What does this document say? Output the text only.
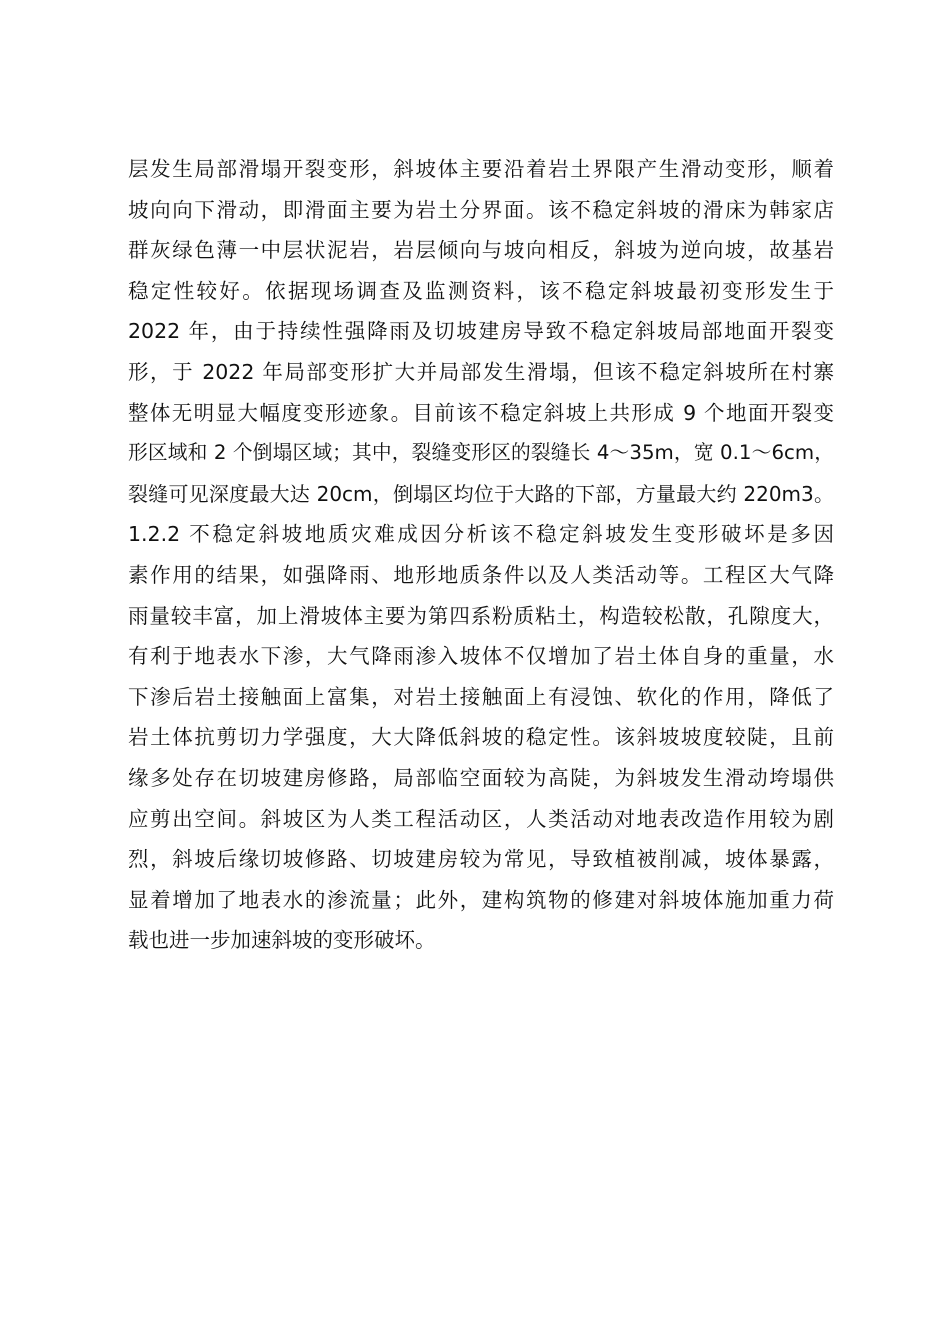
层发生局部滑塌开裂变形，斜坡体主要沿着岩土界限产生滑动变形，顺着
坡向向下滑动，即滑面主要为岩土分界面。该不稳定斜坡的滑床为韩家店
群灰绿色薄一中层状泥岩，岩层倾向与坡向相反，斜坡为逆向坡，故基岩
稳定性较好。依据现场调查及监测资料，该不稳定斜坡最初变形发生于
2022 年，由于持续性强降雨及切坡建房导致不稳定斜坡局部地面开裂变
形，于 2022 年局部变形扩大并局部发生滑塌，但该不稳定斜坡所在村寨
整体无明显大幅度变形迹象。目前该不稳定斜坡上共形成 9 个地面开裂变
形区域和 2 个倒塌区域；其中，裂缝变形区的裂缝长 4～35m，宽 0.1～6cm，
裂缝可见深度最大达 20cm，倒塌区均位于大路的下部，方量最大约 220m3。
1.2.2 不稳定斜坡地质灾难成因分析该不稳定斜坡发生变形破坏是多因
素作用的结果，如强降雨、地形地质条件以及人类活动等。工程区大气降
雨量较丰富，加上滑坡体主要为第四系粉质粘土，构造较松散，孔隙度大，
有利于地表水下渗，大气降雨渗入坡体不仅增加了岩土体自身的重量，水
下渗后岩土接触面上富集，对岩土接触面上有浸蚀、软化的作用，降低了
岩土体抗剪切力学强度，大大降低斜坡的稳定性。该斜坡坡度较陡，且前
缘多处存在切坡建房修路，局部临空面较为高陡，为斜坡发生滑动垮塌供
应剪出空间。斜坡区为人类工程活动区，人类活动对地表改造作用较为剧
烈，斜坡后缘切坡修路、切坡建房较为常见，导致植被削减，坡体暴露，
显着增加了地表水的渗流量；此外，建构筑物的修建对斜坡体施加重力荷
载也进一步加速斜坡的变形破坏。
